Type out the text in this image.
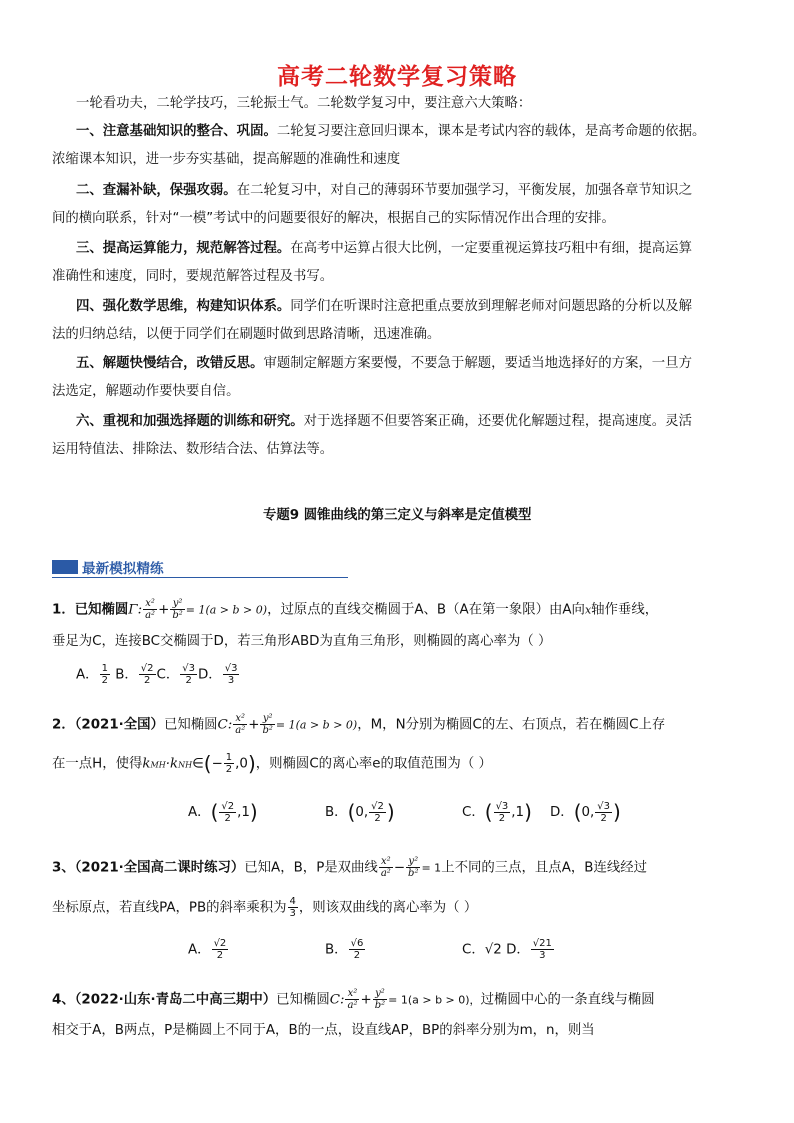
高考二轮数学复习策略
一轮看功夫，二轮学技巧，三轮振士气。二轮数学复习中，要注意六大策略：
一、注意基础知识的整合、巩固。二轮复习要注意回归课本，课本是考试内容的载体，是高考命题的依据。
浓缩课本知识，进一步夯实基础，提高解题的准确性和速度
二、查漏补缺，保强攻弱。在二轮复习中，对自己的薄弱环节要加强学习，平衡发展，加强各章节知识之
间的横向联系，针对“一模”考试中的问题要很好的解决，根据自己的实际情况作出合理的安排。
三、提高运算能力，规范解答过程。在高考中运算占很大比例，一定要重视运算技巧粗中有细，提高运算
准确性和速度，同时，要规范解答过程及书写。
四、强化数学思维，构建知识体系。同学们在听课时注意把重点要放到理解老师对问题思路的分析以及解
法的归纳总结，以便于同学们在刷题时做到思路清晰，迅速准确。
五、解题快慢结合，改错反思。审题制定解题方案要慢，不要急于解题，要适当地选择好的方案，一旦方
法选定，解题动作要快要自信。
六、重视和加强选择题的训练和研究。对于选择题不但要答案正确，还要优化解题过程，提高速度。灵活
运用特值法、排除法、数形结合法、估算法等。
专题9 圆锥曲线的第三定义与斜率是定值模型
最新模拟精练
1．已知椭圆Γ: $\frac{\text{x²}}{\text{a²}} + \frac{\text{y²}}{\text{b²}} = 1(a > b > 0)$，过原点的直线交椭圆于A、B（A在第一象限）由A向x轴作垂线，
垂足为C，连接BC交椭圆于D，若三角形ABD为直角三角形，则椭圆的离心率为（ ）
A． $\frac{1}{2}$ B． $\frac{√2}{2}$ C． $\frac{√3}{2}$ D． $\frac{√3}{3}$
2．（2021·全国）已知椭圆C: $\frac{\text{x²}}{\text{a²}} + \frac{\text{y²}}{\text{b²}} = 1(a > b > 0)$，M，N分别为椭圆C的左、右顶点，若在椭圆C上存
在一点H，使得kMH·kNH∈(− $\frac{1}{2} ,0$)，则椭圆C的离心率e的取值范围为（ ）
A．( $\frac{√2}{2} ,1$)	B．(0, $\frac{√2}{2}$ )	C．( $\frac{√3}{2} ,1$) D．(0, $\frac{√3}{2}$ )
3、（2021·全国高二课时练习）已知A，B，P是双曲线 $\frac{\text{x²}}{\text{a²}} - \frac{\text{y²}}{\text{b²}} = 1$上不同的三点，且点A，B连线经过
坐标原点，若直线PA，PB的斜率乘积为 $\frac{4}{3}$ ，则该双曲线的离心率为（ ）
A． $\frac{√2}{2}$	B． $\frac{√6}{2}$	C．√2 D． $\frac{√21}{3}$
4、（2022·山东·青岛二中高三期中）已知椭圆C: $\frac{\text{x²}}{\text{a²}} + \frac{\text{y²}}{\text{b²}} = 1(a > b > 0)$，过椭圆中心的一条直线与椭圆
相交于A，B两点，P是椭圆上不同于A，B的一点，设直线AP，BP的斜率分别为m，n，则当
